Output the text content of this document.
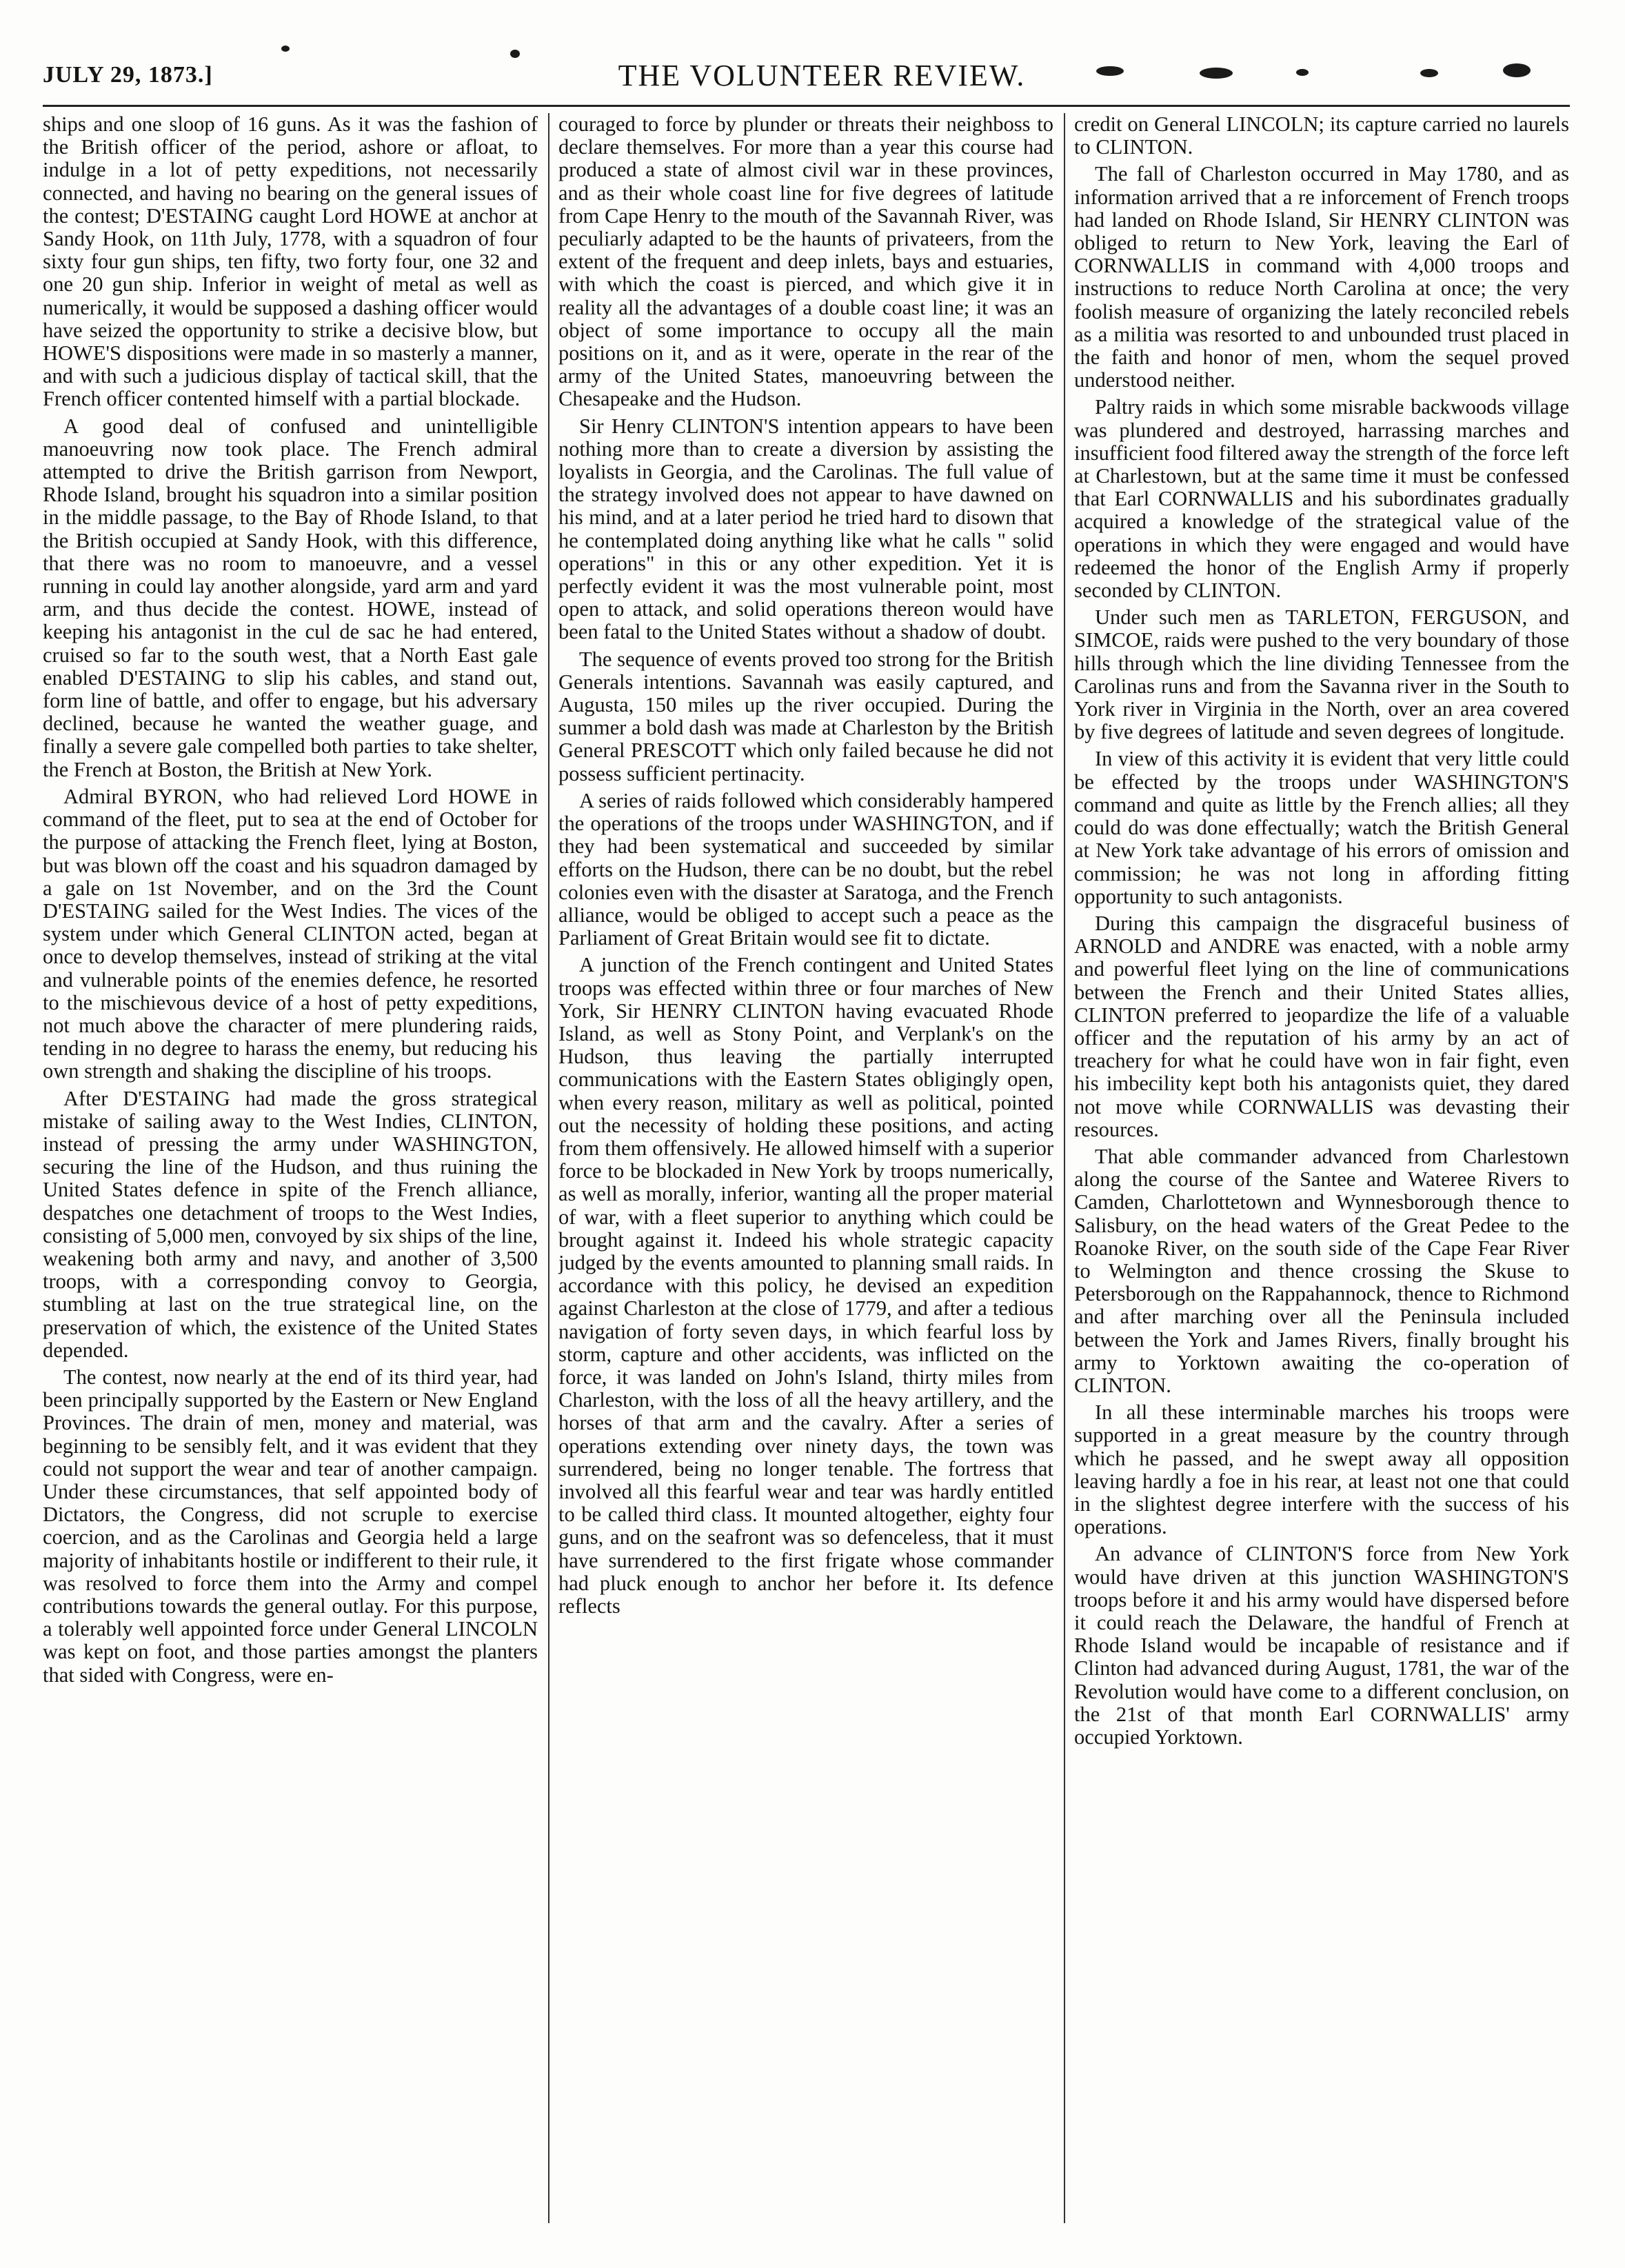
JULY 29, 1873.]	THE VOLUNTEER REVIEW.

ships and one sloop of 16 guns. As it was the fashion of the British officer of the period, ashore or afloat, to indulge in a lot of petty expeditions, not necessarily connected, and having no bearing on the general issues of the contest; D'ESTAING caught Lord HOWE at anchor at Sandy Hook, on 11th July, 1778, with a squadron of four sixty four gun ships, ten fifty, two forty four, one 32 and one 20 gun ship. Inferior in weight of metal as well as numerically, it would be supposed a dashing officer would have seized the opportunity to strike a decisive blow, but HOWE'S dispositions were made in so masterly a manner, and with such a judicious display of tactical skill, that the French officer contented himself with a partial blockade.

A good deal of confused and unintelligible manoeuvring now took place. The French admiral attempted to drive the British garrison from Newport, Rhode Island, brought his squadron into a similar position in the middle passage, to the Bay of Rhode Island, to that the British occupied at Sandy Hook, with this difference, that there was no room to manoeuvre, and a vessel running in could lay another alongside, yard arm and yard arm, and thus decide the contest. HOWE, instead of keeping his antagonist in the cul de sac he had entered, cruised so far to the south west, that a North East gale enabled D'ESTAING to slip his cables, and stand out, form line of battle, and offer to engage, but his adversary declined, because he wanted the weather guage, and finally a severe gale compelled both parties to take shelter, the French at Boston, the British at New York.

Admiral BYRON, who had relieved Lord HOWE in command of the fleet, put to sea at the end of October for the purpose of attacking the French fleet, lying at Boston, but was blown off the coast and his squadron damaged by a gale on 1st November, and on the 3rd the Count D'ESTAING sailed for the West Indies. The vices of the system under which General CLINTON acted, began at once to develop themselves, instead of striking at the vital and vulnerable points of the enemies defence, he resorted to the mischievous device of a host of petty expeditions, not much above the character of mere plundering raids, tending in no degree to harass the enemy, but reducing his own strength and shaking the discipline of his troops.

After D'ESTAING had made the gross strategical mistake of sailing away to the West Indies, CLINTON, instead of pressing the army under WASHINGTON, securing the line of the Hudson, and thus ruining the United States defence in spite of the French alliance, despatches one detachment of troops to the West Indies, consisting of 5,000 men, convoyed by six ships of the line, weakening both army and navy, and another of 3,500 troops, with a corresponding convoy to Georgia, stumbling at last on the true strategical line, on the preservation of which, the existence of the United States depended.

The contest, now nearly at the end of its third year, had been principally supported by the Eastern or New England Provinces. The drain of men, money and material, was beginning to be sensibly felt, and it was evident that they could not support the wear and tear of another campaign. Under these circumstances, that self appointed body of Dictators, the Congress, did not scruple to exercise coercion, and as the Carolinas and Georgia held a large majority of inhabitants hostile or indifferent to their rule, it was resolved to force them into the Army and compel contributions towards the general outlay. For this purpose, a tolerably well appointed force under General LINCOLN was kept on foot, and those parties amongst the planters that sided with Congress, were en-

couraged to force by plunder or threats their neighboss to declare themselves. For more than a year this course had produced a state of almost civil war in these provinces, and as their whole coast line for five degrees of latitude from Cape Henry to the mouth of the Savannah River, was peculiarly adapted to be the haunts of privateers, from the extent of the frequent and deep inlets, bays and estuaries, with which the coast is pierced, and which give it in reality all the advantages of a double coast line; it was an object of some importance to occupy all the main positions on it, and as it were, operate in the rear of the army of the United States, manoeuvring between the Chesapeake and the Hudson.

Sir Henry CLINTON'S intention appears to have been nothing more than to create a diversion by assisting the loyalists in Georgia, and the Carolinas. The full value of the strategy involved does not appear to have dawned on his mind, and at a later period he tried hard to disown that he contemplated doing anything like what he calls " solid operations" in this or any other expedition. Yet it is perfectly evident it was the most vulnerable point, most open to attack, and solid operations thereon would have been fatal to the United States without a shadow of doubt.

The sequence of events proved too strong for the British Generals intentions. Savannah was easily captured, and Augusta, 150 miles up the river occupied. During the summer a bold dash was made at Charleston by the British General PRESCOTT which only failed because he did not possess sufficient pertinacity.

A series of raids followed which considerably hampered the operations of the troops under WASHINGTON, and if they had been systematical and succeeded by similar efforts on the Hudson, there can be no doubt, but the rebel colonies even with the disaster at Saratoga, and the French alliance, would be obliged to accept such a peace as the Parliament of Great Britain would see fit to dictate.

A junction of the French contingent and United States troops was effected within three or four marches of New York, Sir HENRY CLINTON having evacuated Rhode Island, as well as Stony Point, and Verplank's on the Hudson, thus leaving the partially interrupted communications with the Eastern States obligingly open, when every reason, military as well as political, pointed out the necessity of holding these positions, and acting from them offensively. He allowed himself with a superior force to be blockaded in New York by troops numerically, as well as morally, inferior, wanting all the proper material of war, with a fleet superior to anything which could be brought against it. Indeed his whole strategic capacity judged by the events amounted to planning small raids. In accordance with this policy, he devised an expedition against Charleston at the close of 1779, and after a tedious navigation of forty seven days, in which fearful loss by storm, capture and other accidents, was inflicted on the force, it was landed on John's Island, thirty miles from Charleston, with the loss of all the heavy artillery, and the horses of that arm and the cavalry. After a series of operations extending over ninety days, the town was surrendered, being no longer tenable. The fortress that involved all this fearful wear and tear was hardly entitled to be called third class. It mounted altogether, eighty four guns, and on the seafront was so defenceless, that it must have surrendered to the first frigate whose commander had pluck enough to anchor her before it. Its defence reflects

credit on General LINCOLN; its capture carried no laurels to CLINTON.

The fall of Charleston occurred in May 1780, and as information arrived that a re inforcement of French troops had landed on Rhode Island, Sir HENRY CLINTON was obliged to return to New York, leaving the Earl of CORNWALLIS in command with 4,000 troops and instructions to reduce North Carolina at once; the very foolish measure of organizing the lately reconciled rebels as a militia was resorted to and unbounded trust placed in the faith and honor of men, whom the sequel proved understood neither.

Paltry raids in which some misrable backwoods village was plundered and destroyed, harrassing marches and insufficient food filtered away the strength of the force left at Charlestown, but at the same time it must be confessed that Earl CORNWALLIS and his subordinates gradually acquired a knowledge of the strategical value of the operations in which they were engaged and would have redeemed the honor of the English Army if properly seconded by CLINTON.

Under such men as TARLETON, FERGUSON, and SIMCOE, raids were pushed to the very boundary of those hills through which the line dividing Tennessee from the Carolinas runs and from the Savanna river in the South to York river in Virginia in the North, over an area covered by five degrees of latitude and seven degrees of longitude.

In view of this activity it is evident that very little could be effected by the troops under WASHINGTON'S command and quite as little by the French allies; all they could do was done effectually; watch the British General at New York take advantage of his errors of omission and commission; he was not long in affording fitting opportunity to such antagonists.

During this campaign the disgraceful business of ARNOLD and ANDRE was enacted, with a noble army and powerful fleet lying on the line of communications between the French and their United States allies, CLINTON preferred to jeopardize the life of a valuable officer and the reputation of his army by an act of treachery for what he could have won in fair fight, even his imbecility kept both his antagonists quiet, they dared not move while CORNWALLIS was devasting their resources.

That able commander advanced from Charlestown along the course of the Santee and Wateree Rivers to Camden, Charlottetown and Wynnesborough thence to Salisbury, on the head waters of the Great Pedee to the Roanoke River, on the south side of the Cape Fear River to Welmington and thence crossing the Skuse to Petersborough on the Rappahannock, thence to Richmond and after marching over all the Peninsula included between the York and James Rivers, finally brought his army to Yorktown awaiting the co-operation of CLINTON.

In all these interminable marches his troops were supported in a great measure by the country through which he passed, and he swept away all opposition leaving hardly a foe in his rear, at least not one that could in the slightest degree interfere with the success of his operations.

An advance of CLINTON'S force from New York would have driven at this junction WASHINGTON'S troops before it and his army would have dispersed before it could reach the Delaware, the handful of French at Rhode Island would be incapable of resistance and if Clinton had advanced during August, 1781, the war of the Revolution would have come to a different conclusion, on the 21st of that month Earl CORNWALLIS' army occupied Yorktown.
